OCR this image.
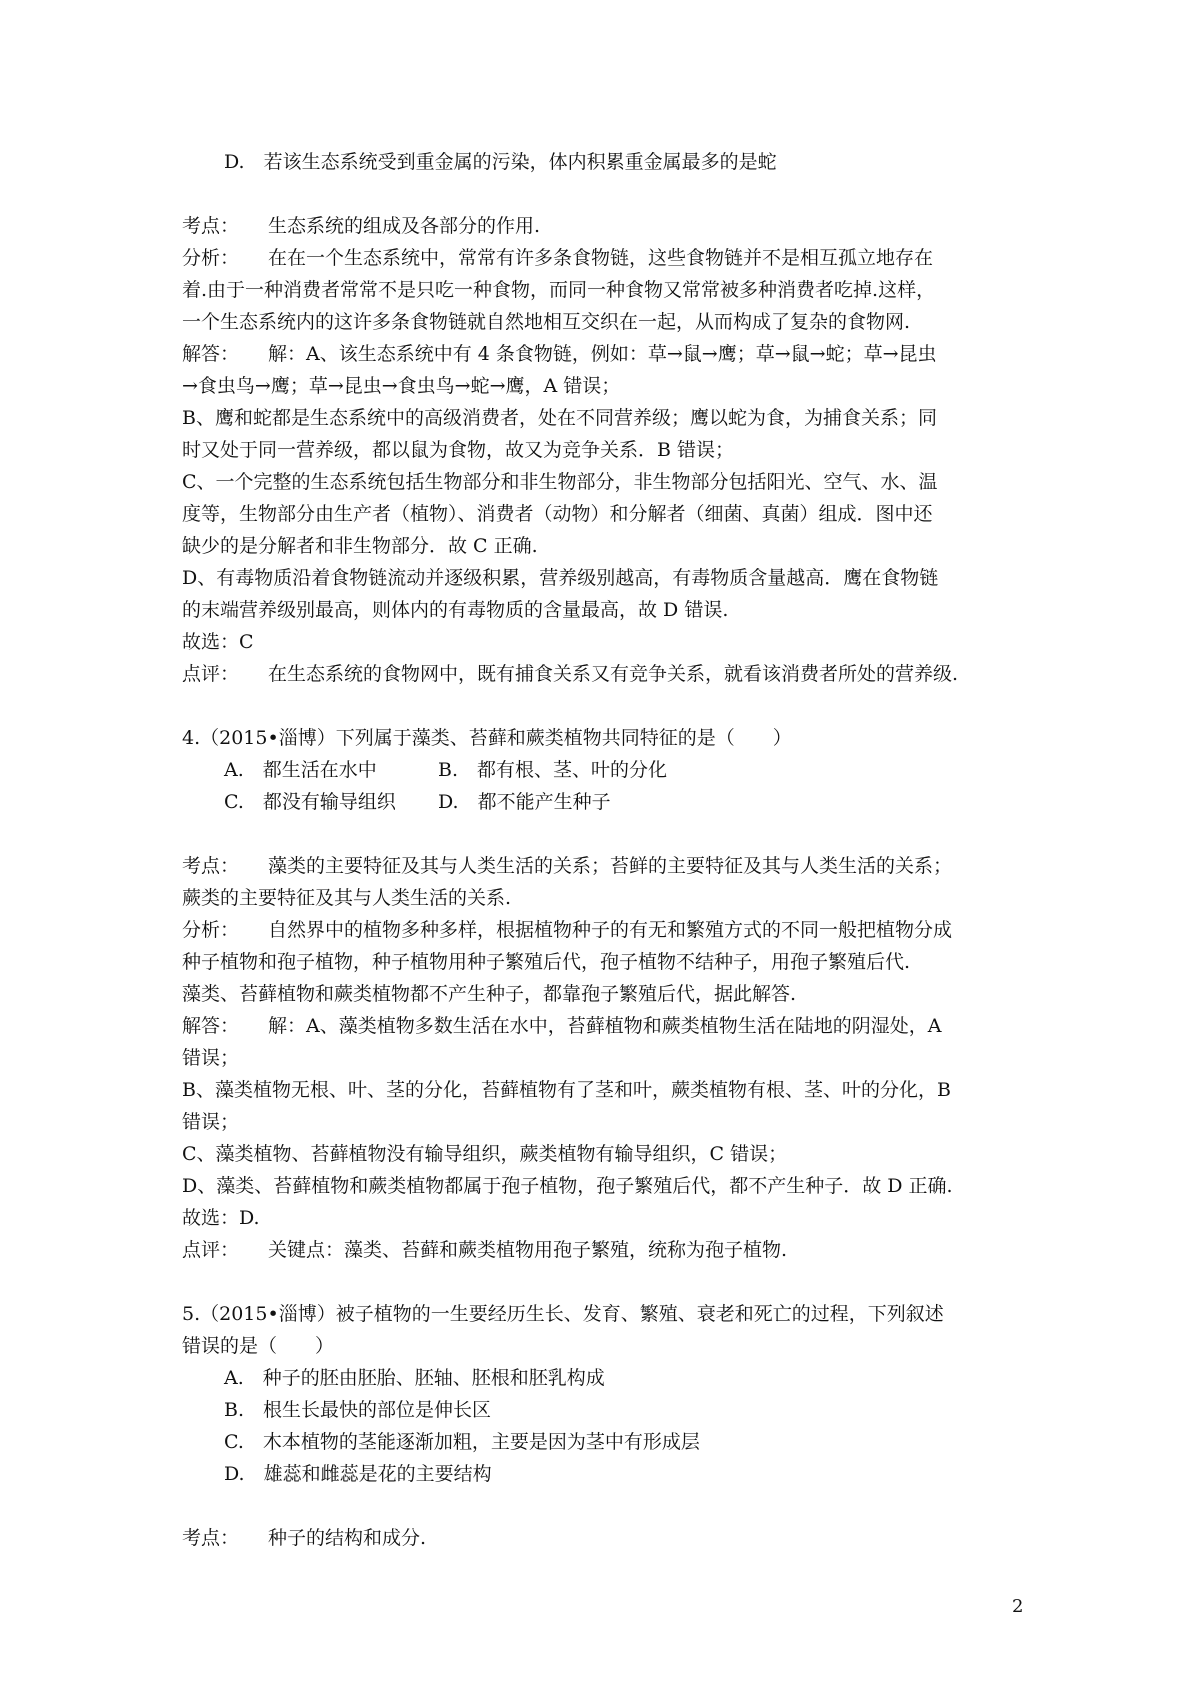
D.　若该生态系统受到重金属的污染，体内积累重金属最多的是蛇
考点：	生态系统的组成及各部分的作用.
分析：	在在一个生态系统中，常常有许多条食物链，这些食物链并不是相互孤立地存在
着.由于一种消费者常常不是只吃一种食物，而同一种食物又常常被多种消费者吃掉.这样，
一个生态系统内的这许多条食物链就自然地相互交织在一起，从而构成了复杂的食物网.
解答：	解：A、该生态系统中有 4 条食物链，例如：草→鼠→鹰；草→鼠→蛇；草→昆虫
→食虫鸟→鹰；草→昆虫→食虫鸟→蛇→鹰，A 错误；
B、鹰和蛇都是生态系统中的高级消费者，处在不同营养级；鹰以蛇为食，为捕食关系；同
时又处于同一营养级，都以鼠为食物，故又为竞争关系．B 错误；
C、一个完整的生态系统包括生物部分和非生物部分，非生物部分包括阳光、空气、水、温
度等，生物部分由生产者（植物）、消费者（动物）和分解者（细菌、真菌）组成．图中还
缺少的是分解者和非生物部分．故 C 正确.
D、有毒物质沿着食物链流动并逐级积累，营养级别越高，有毒物质含量越高．鹰在食物链
的末端营养级别最高，则体内的有毒物质的含量最高，故 D 错误.
故选：C
点评：	在生态系统的食物网中，既有捕食关系又有竞争关系，就看该消费者所处的营养级.
4.（2015•淄博）下列属于藻类、苔藓和蕨类植物共同特征的是（　　）
A.　都生活在水中	B.　都有根、茎、叶的分化
C.　都没有输导组织	D.　都不能产生种子
考点：	藻类的主要特征及其与人类生活的关系；苔鲜的主要特征及其与人类生活的关系；
蕨类的主要特征及其与人类生活的关系.
分析：	自然界中的植物多种多样，根据植物种子的有无和繁殖方式的不同一般把植物分成
种子植物和孢子植物，种子植物用种子繁殖后代，孢子植物不结种子，用孢子繁殖后代.
藻类、苔藓植物和蕨类植物都不产生种子，都靠孢子繁殖后代，据此解答.
解答：	解：A、藻类植物多数生活在水中，苔藓植物和蕨类植物生活在陆地的阴湿处，A
错误；
B、藻类植物无根、叶、茎的分化，苔藓植物有了茎和叶，蕨类植物有根、茎、叶的分化，B
错误；
C、藻类植物、苔藓植物没有输导组织，蕨类植物有输导组织，C 错误；
D、藻类、苔藓植物和蕨类植物都属于孢子植物，孢子繁殖后代，都不产生种子．故 D 正确.
故选：D.
点评：	关键点：藻类、苔藓和蕨类植物用孢子繁殖，统称为孢子植物.
5.（2015•淄博）被子植物的一生要经历生长、发育、繁殖、衰老和死亡的过程，下列叙述
错误的是（　　）
A.　种子的胚由胚胎、胚轴、胚根和胚乳构成
B.　根生长最快的部位是伸长区
C.　木本植物的茎能逐渐加粗，主要是因为茎中有形成层
D.　雄蕊和雌蕊是花的主要结构
考点：	种子的结构和成分.
2
